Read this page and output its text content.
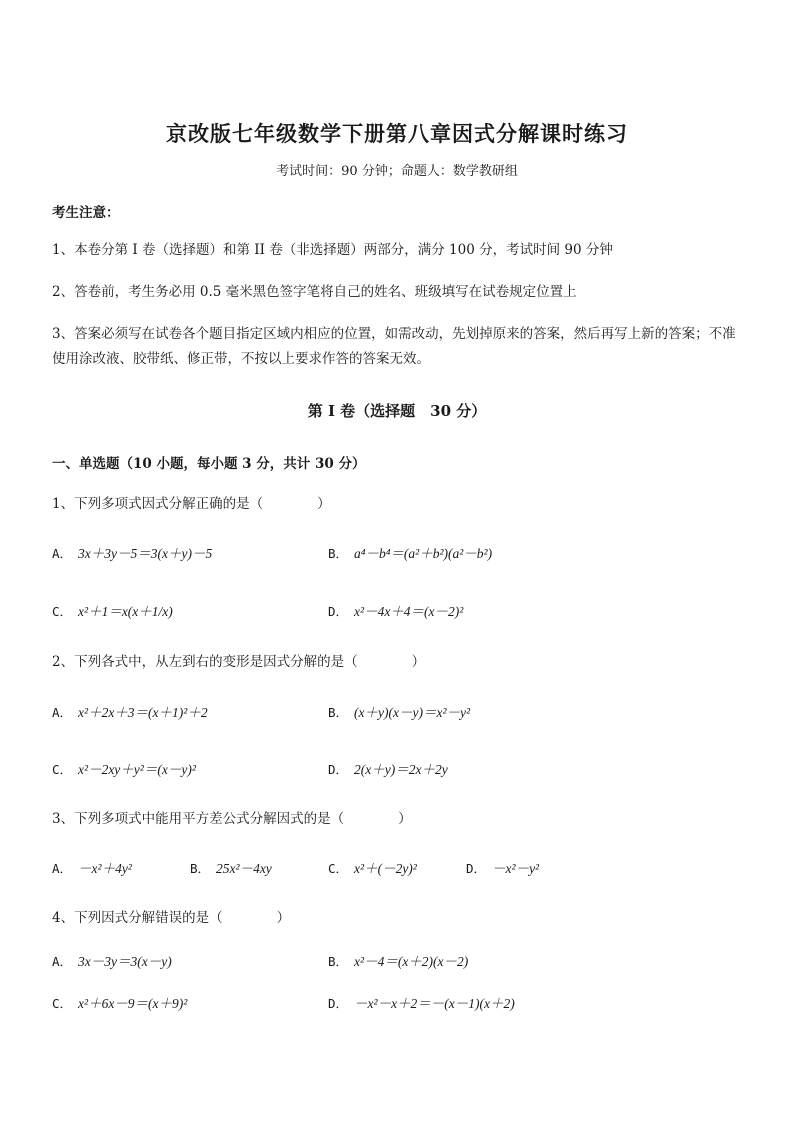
京改版七年级数学下册第八章因式分解课时练习
考试时间：90 分钟；命题人：数学教研组
考生注意：
1、本卷分第 I 卷（选择题）和第 II 卷（非选择题）两部分，满分 100 分，考试时间 90 分钟
2、答卷前，考生务必用 0.5 毫米黑色签字笔将自己的姓名、班级填写在试卷规定位置上
3、答案必须写在试卷各个题目指定区域内相应的位置，如需改动，先划掉原来的答案，然后再写上新的答案；不准使用涂改液、胶带纸、修正带，不按以上要求作答的答案无效。
第 I 卷（选择题　30 分）
一、单选题（10 小题，每小题 3 分，共计 30 分）
1、下列多项式因式分解正确的是（　　　　）
A． 3x＋3y－5＝3(x＋y)－5	B． a⁴－b⁴＝(a²＋b²)(a²－b²)
C． x²＋1＝x(x＋1/x)	D． x²－4x＋4＝(x－2)²
2、下列各式中，从左到右的变形是因式分解的是（　　　　）
A． x²＋2x＋3＝(x＋1)²＋2	B． (x＋y)(x－y)＝x²－y²
C． x²－2xy＋y²＝(x－y)²	D． 2(x＋y)＝2x＋2y
3、下列多项式中能用平方差公式分解因式的是（　　　　）
A． －x²＋4y²	B． 25x²－4xy	C． x²＋(－2y)²	D． －x²－y²
4、下列因式分解错误的是（　　　　）
A． 3x－3y＝3(x－y)	B． x²－4＝(x＋2)(x－2)
C． x²＋6x－9＝(x＋9)²	D． －x²－x＋2＝－(x－1)(x＋2)
